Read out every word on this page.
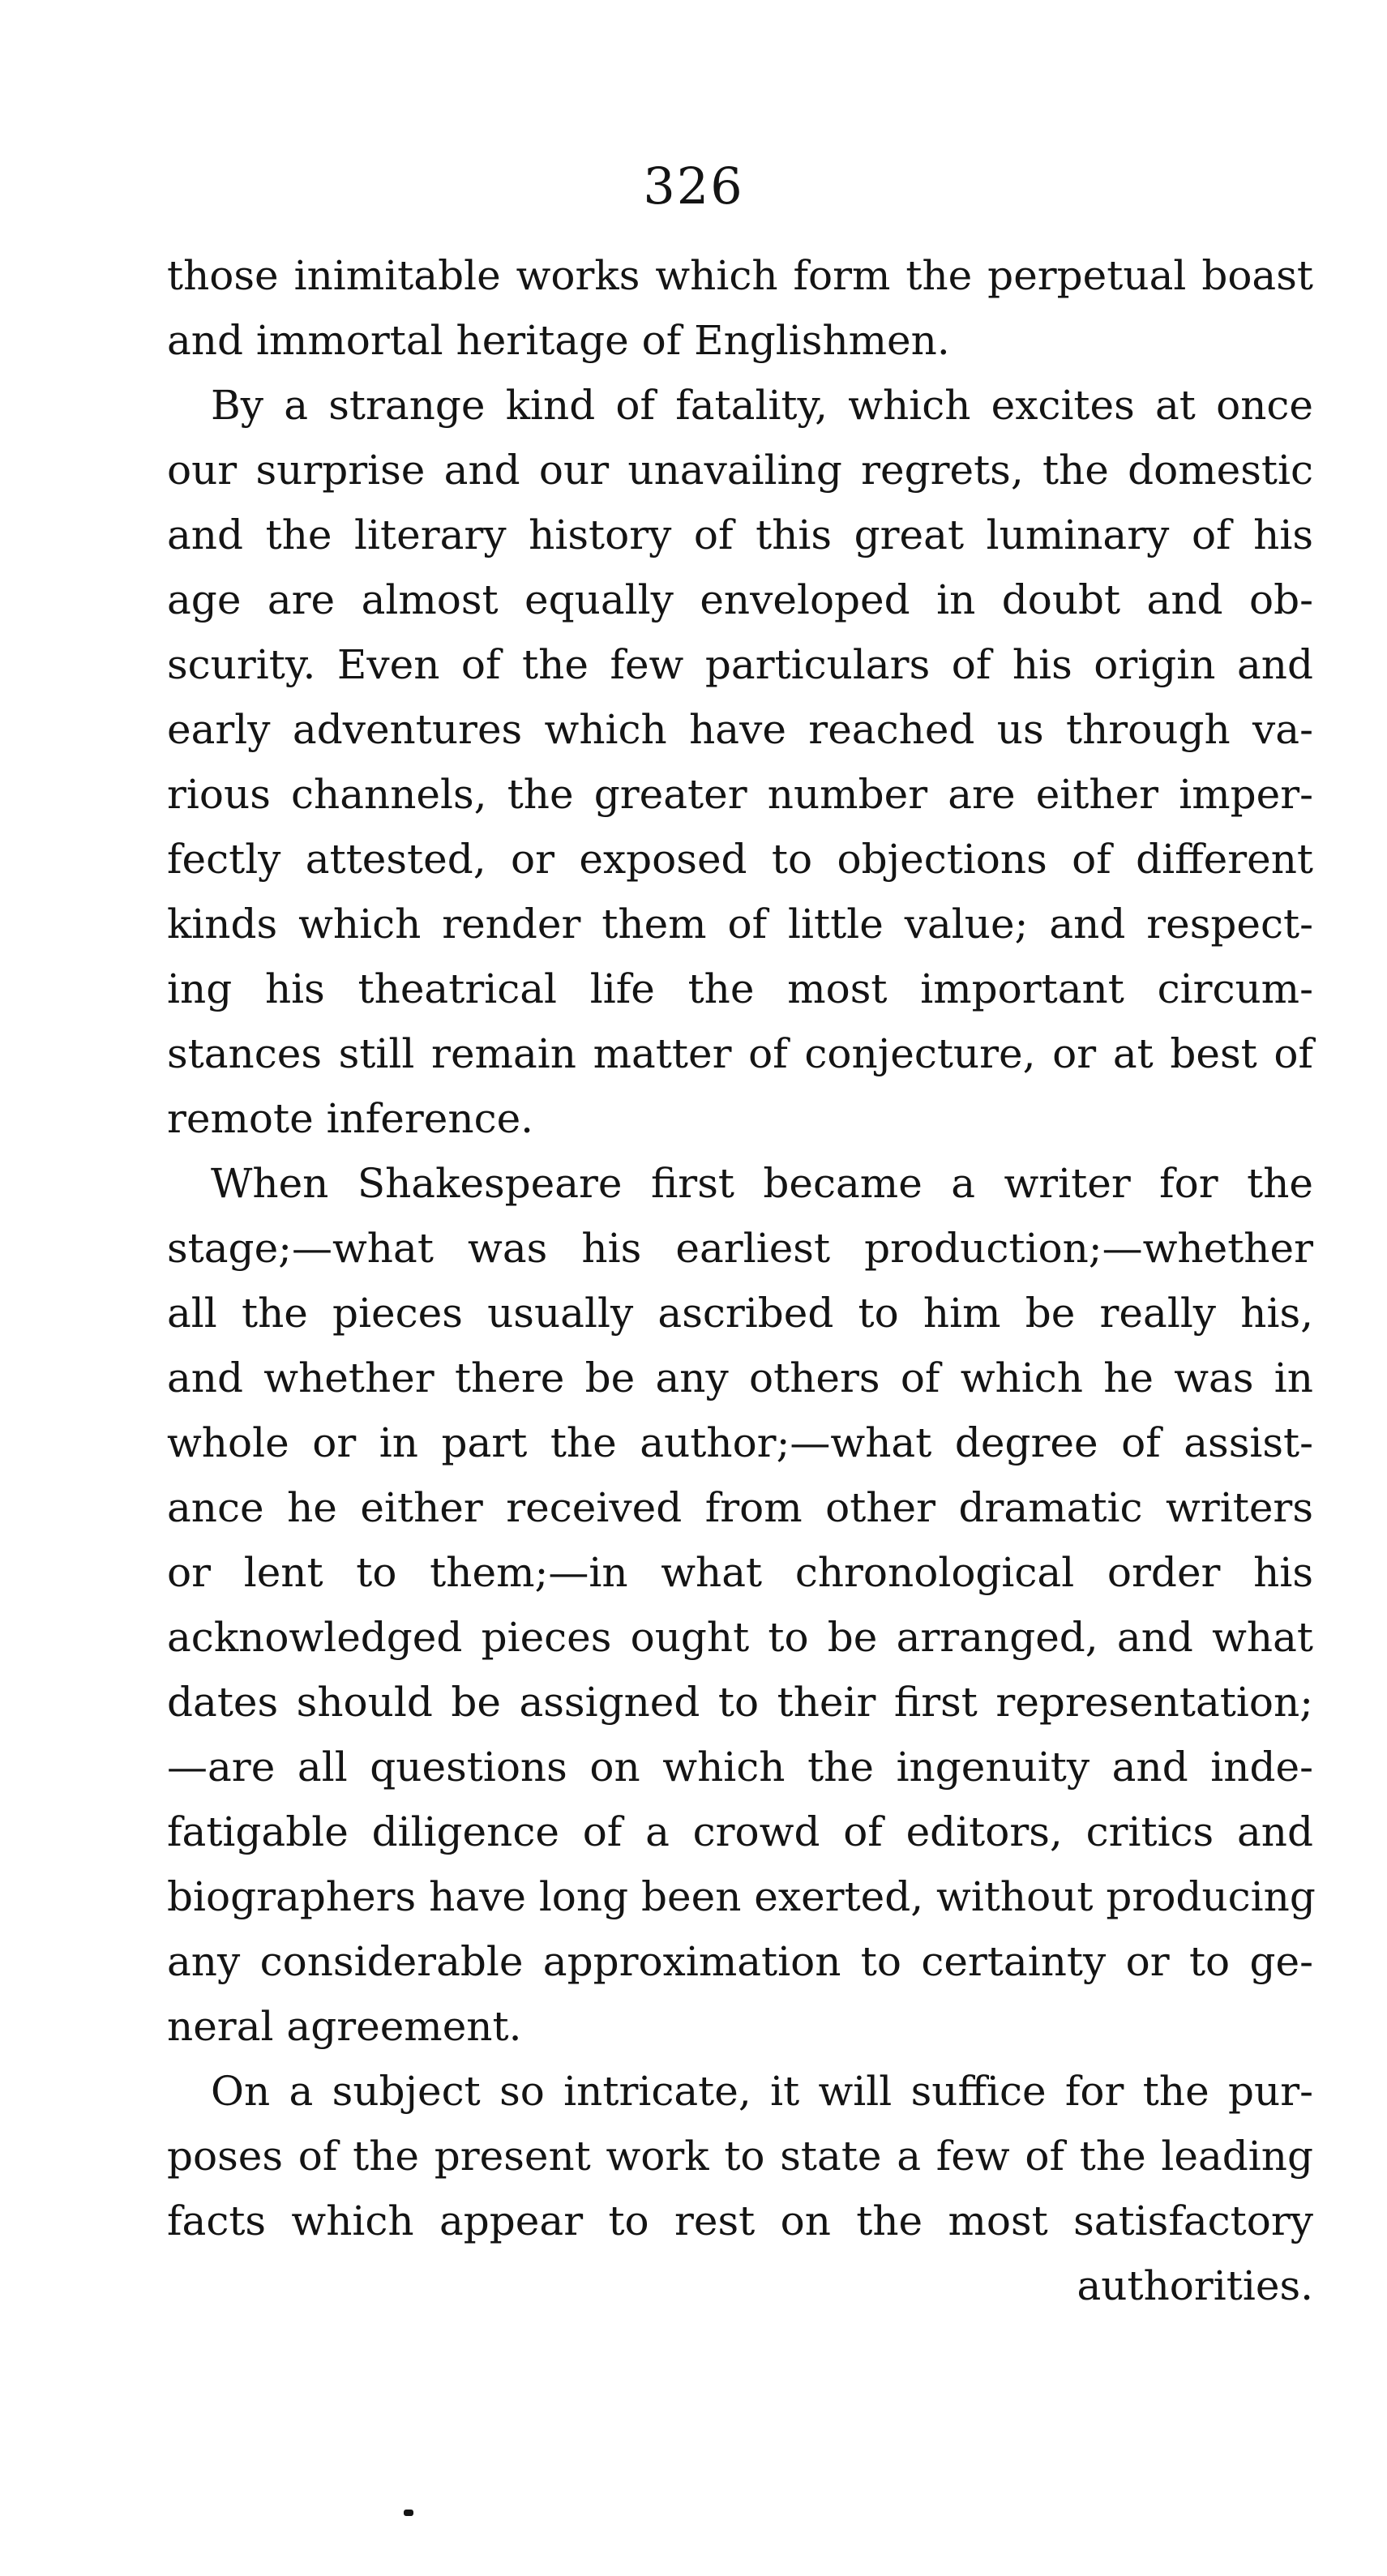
326
those inimitable works which form the perpetual boast
and immortal heritage of Englishmen.
By a strange kind of fatality, which excites at once
our surprise and our unavailing regrets, the domestic
and the literary history of this great luminary of his
age are almost equally enveloped in doubt and ob-
scurity. Even of the few particulars of his origin and
early adventures which have reached us through va-
rious channels, the greater number are either imper-
fectly attested, or exposed to objections of different
kinds which render them of little value; and respect-
ing his theatrical life the most important circum-
stances still remain matter of conjecture, or at best of
remote inference.
When Shakespeare first became a writer for the
stage;—what was his earliest production;—whether
all the pieces usually ascribed to him be really his,
and whether there be any others of which he was in
whole or in part the author;—what degree of assist-
ance he either received from other dramatic writers
or lent to them;—in what chronological order his
acknowledged pieces ought to be arranged, and what
dates should be assigned to their first representation;
—are all questions on which the ingenuity and inde-
fatigable diligence of a crowd of editors, critics and
biographers have long been exerted, without producing
any considerable approximation to certainty or to ge-
neral agreement.
On a subject so intricate, it will suffice for the pur-
poses of the present work to state a few of the leading
facts which appear to rest on the most satisfactory
authorities.
